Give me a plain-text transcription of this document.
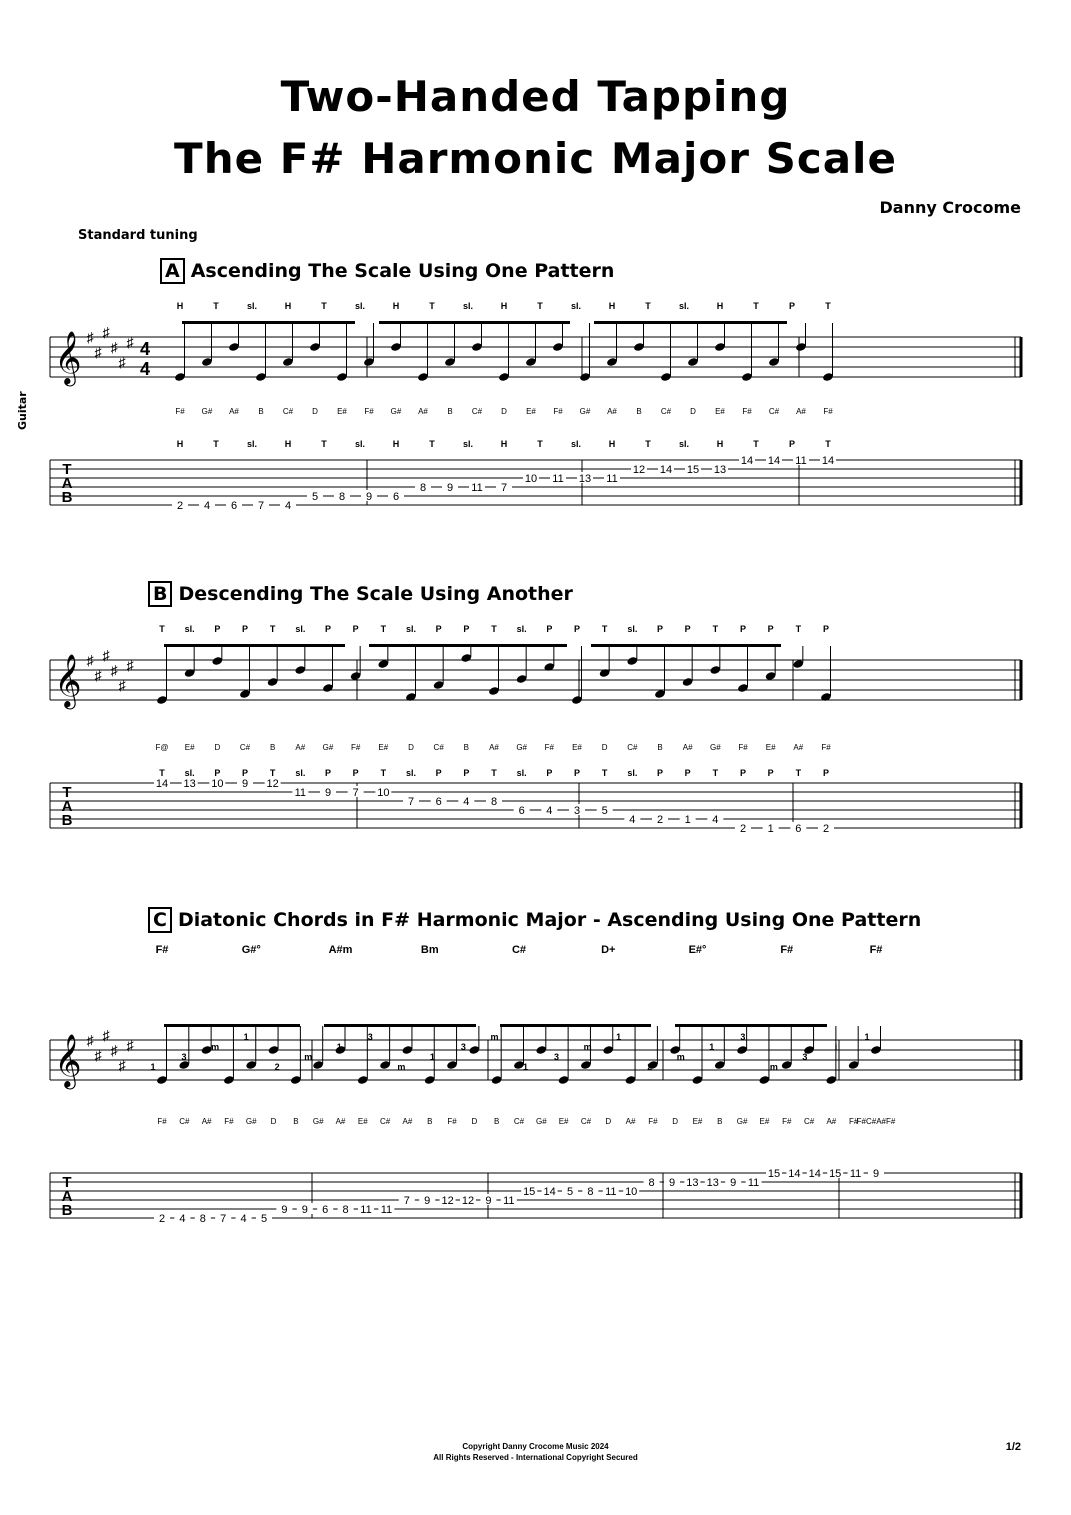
Two-Handed Tapping
The F# Harmonic Major Scale
Danny Crocome
Standard tuning
Guitar
A Ascending The Scale Using One Pattern
B Descending The Scale Using Another
C Diatonic Chords in F# Harmonic Major - Ascending Using One Pattern
𝄞 ♯
♯
♯
♯
♯
♯ 4
4
T
A
B
F# G# A# B C# D E# F# G# A# B C# D E# F# G# A# B C# D E# F# C# A# F#
2 4 6 7 4
5 8 9 6
8 9 11 7
10 11 13 11
12 14 15 13
14 14 11 14
H	T	sl.	H	T	sl.	H	T	sl.	H	T	sl.	H	T	sl.	H	T	P	T
H	T	sl.	H	T	sl.	H	T	sl.	H	T	sl.	H	T	sl.	H	T	P	T
𝄞 ♯
♯
♯
♯
♯
♯
T
A
B
F@ E# D C# B	A# G# F# E# D C# B	A# G# F# E# D C# B	A# G# F# E# A# F#
14 13 10 9 12
11 9 7 10
7 6 4 8
6 4 3 5
4 2 1 4
2 1 6 2
T sl. P P T sl. P P T sl. P P T sl. P P T sl. P P T P P T P
T sl. P P T sl. P P T sl. P P T sl. P P T sl. P P T P P T P
𝄞 ♯
♯
♯
♯
♯
♯
T
A
B
F# C# A# F# G# D B G# A# E# C# A# B F# D B C# G# E# C# D A# F# D E# B G# E# F# C# A# F#
F#C#A#F#
2 4 8 7 4 5
9 9 6 8 11 11
7 9 12 12 9 11
15 14 5 8 11 10
8 9 13 13 9 11
15 14 14 15 11 9
1
3
m
1
2
m
1
3
m
1
3
m
1
3
m
1
2
m
1
3
m
3
i
1
F#	G#°	A#m	Bm	C#	D+	E#°	F#	F#
Copyright Danny Crocome Music 2024
All Rights Reserved - International Copyright Secured
1/2
